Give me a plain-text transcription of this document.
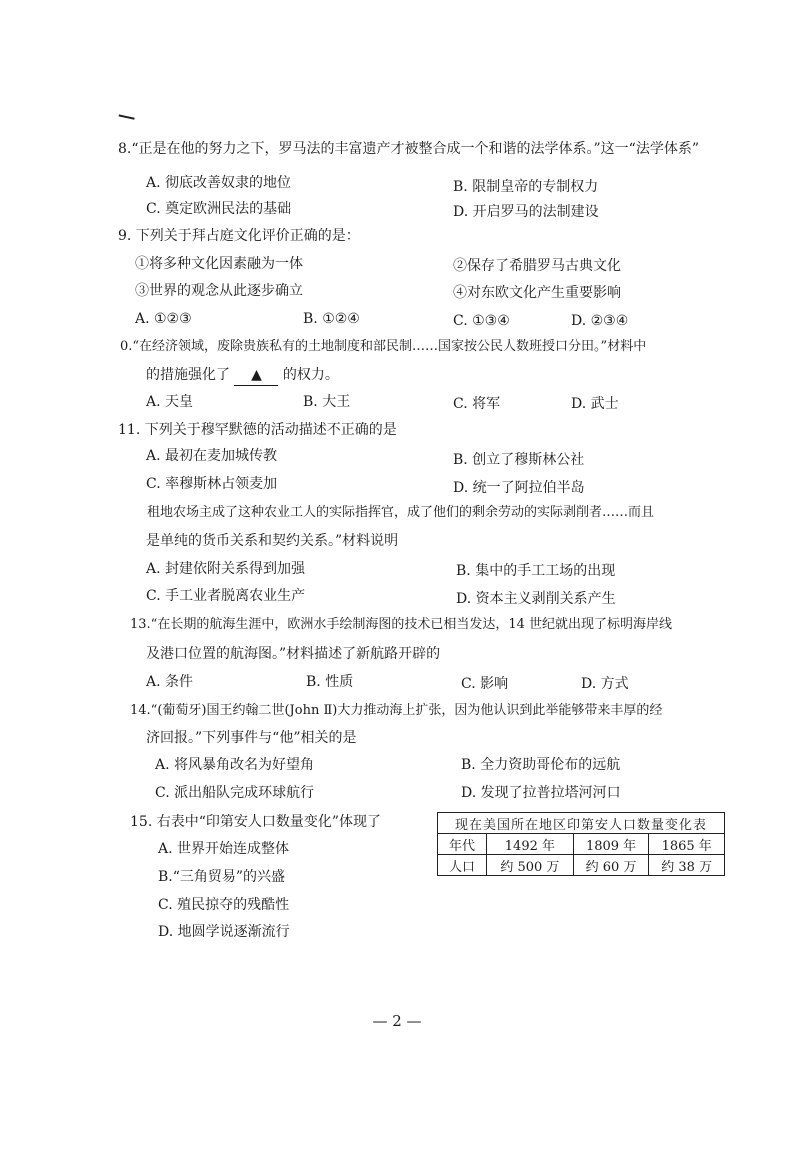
8.“正是在他的努力之下，罗马法的丰富遗产才被整合成一个和谐的法学体系。”这一“法学体系”
A. 彻底改善奴隶的地位	B. 限制皇帝的专制权力
C. 奠定欧洲民法的基础	D. 开启罗马的法制建设
9. 下列关于拜占庭文化评价正确的是：
①将多种文化因素融为一体	②保存了希腊罗马古典文化
③世界的观念从此逐步确立	④对东欧文化产生重要影响
A. ①②③	B. ①②④	C. ①③④	D. ②③④
0.“在经济领域，废除贵族私有的土地制度和部民制……国家按公民人数班授口分田。”材料中
的措施强化了 ▲ 的权力。
A. 天皇	B. 大王	C. 将军	D. 武士
11. 下列关于穆罕默德的活动描述不正确的是
A. 最初在麦加城传教	B. 创立了穆斯林公社
C. 率穆斯林占领麦加	D. 统一了阿拉伯半岛
租地农场主成了这种农业工人的实际指挥官，成了他们的剩余劳动的实际剥削者……而且
是单纯的货币关系和契约关系。”材料说明
A. 封建依附关系得到加强	B. 集中的手工工场的出现
C. 手工业者脱离农业生产	D. 资本主义剥削关系产生
13.“在长期的航海生涯中，欧洲水手绘制海图的技术已相当发达，14 世纪就出现了标明海岸线
及港口位置的航海图。”材料描述了新航路开辟的
A. 条件	B. 性质	C. 影响	D. 方式
14.“(葡萄牙)国王约翰二世(John Ⅱ)大力推动海上扩张，因为他认识到此举能够带来丰厚的经
济回报。”下列事件与“他”相关的是
A. 将风暴角改名为好望角	B. 全力资助哥伦布的远航
C. 派出船队完成环球航行	D. 发现了拉普拉塔河河口
15. 右表中“印第安人口数量变化”体现了
A. 世界开始连成整体
B.“三角贸易”的兴盛
C. 殖民掠夺的残酷性
D. 地圆学说逐渐流行
现在美国所在地区印第安人口数量变化表			
年代	1492 年	1809 年	1865 年
人口	约 500 万	约 60 万	约 38 万
— 2 —
